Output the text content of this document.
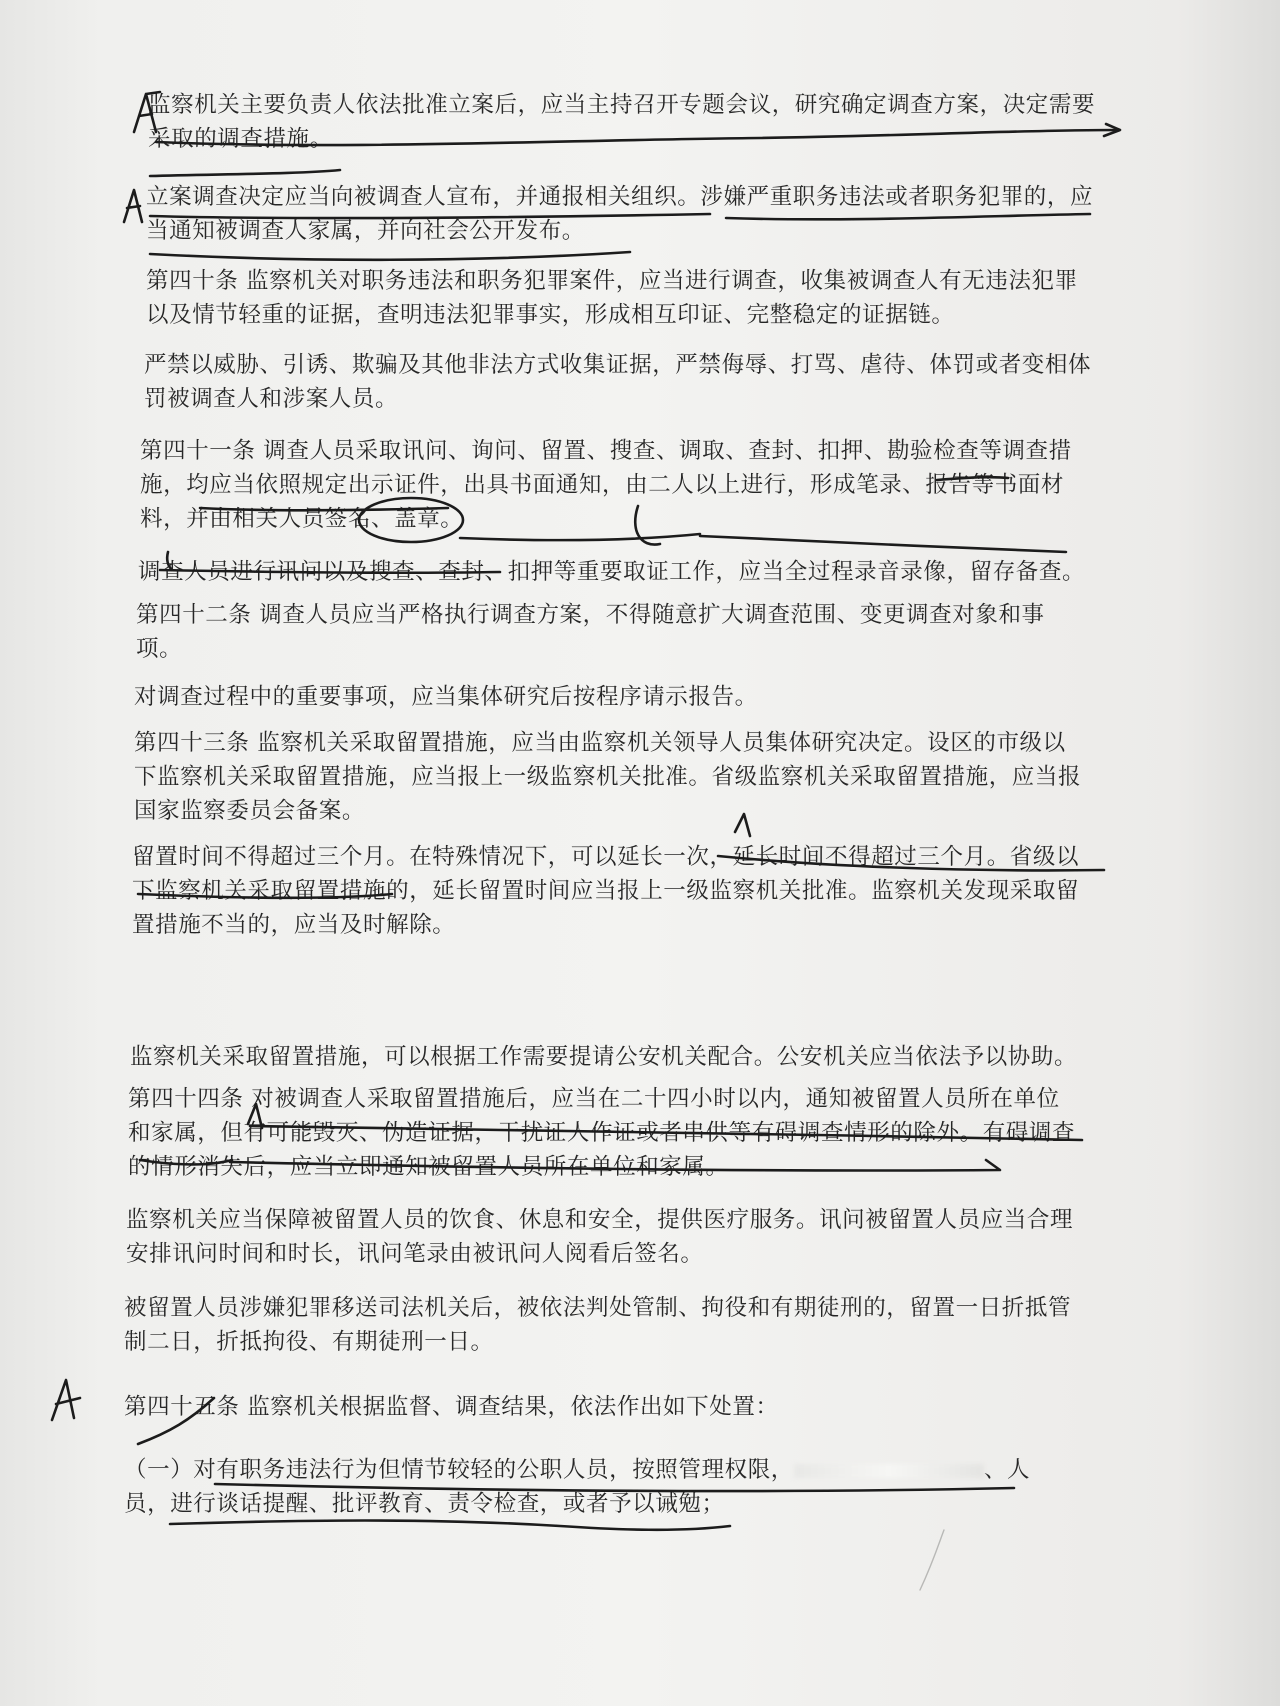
监察机关主要负责人依法批准立案后，应当主持召开专题会议，研究确定调查方案，决定需要
采取的调查措施。
立案调查决定应当向被调查人宣布，并通报相关组织。涉嫌严重职务违法或者职务犯罪的，应
当通知被调查人家属，并向社会公开发布。
第四十条 监察机关对职务违法和职务犯罪案件，应当进行调查，收集被调查人有无违法犯罪
以及情节轻重的证据，查明违法犯罪事实，形成相互印证、完整稳定的证据链。
严禁以威胁、引诱、欺骗及其他非法方式收集证据，严禁侮辱、打骂、虐待、体罚或者变相体
罚被调查人和涉案人员。
第四十一条 调查人员采取讯问、询问、留置、搜查、调取、查封、扣押、勘验检查等调查措
施，均应当依照规定出示证件，出具书面通知，由二人以上进行，形成笔录、报告等书面材
料，并由相关人员签名、盖章。
调查人员进行讯问以及搜查、查封、扣押等重要取证工作，应当全过程录音录像，留存备查。
第四十二条 调查人员应当严格执行调查方案，不得随意扩大调查范围、变更调查对象和事
项。
对调查过程中的重要事项，应当集体研究后按程序请示报告。
第四十三条 监察机关采取留置措施，应当由监察机关领导人员集体研究决定。设区的市级以
下监察机关采取留置措施，应当报上一级监察机关批准。省级监察机关采取留置措施，应当报
国家监察委员会备案。
留置时间不得超过三个月。在特殊情况下，可以延长一次，延长时间不得超过三个月。省级以
下监察机关采取留置措施的，延长留置时间应当报上一级监察机关批准。监察机关发现采取留
置措施不当的，应当及时解除。
监察机关采取留置措施，可以根据工作需要提请公安机关配合。公安机关应当依法予以协助。
第四十四条 对被调查人采取留置措施后，应当在二十四小时以内，通知被留置人员所在单位
和家属，但有可能毁灭、伪造证据，干扰证人作证或者串供等有碍调查情形的除外。有碍调查
的情形消失后，应当立即通知被留置人员所在单位和家属。
监察机关应当保障被留置人员的饮食、休息和安全，提供医疗服务。讯问被留置人员应当合理
安排讯问时间和时长，讯问笔录由被讯问人阅看后签名。
被留置人员涉嫌犯罪移送司法机关后，被依法判处管制、拘役和有期徒刑的，留置一日折抵管
制二日，折抵拘役、有期徒刑一日。
第四十五条 监察机关根据监督、调查结果，依法作出如下处置：
（一）对有职务违法行为但情节较轻的公职人员，按照管理权限，	、人
员，进行谈话提醒、批评教育、责令检查，或者予以诫勉；
